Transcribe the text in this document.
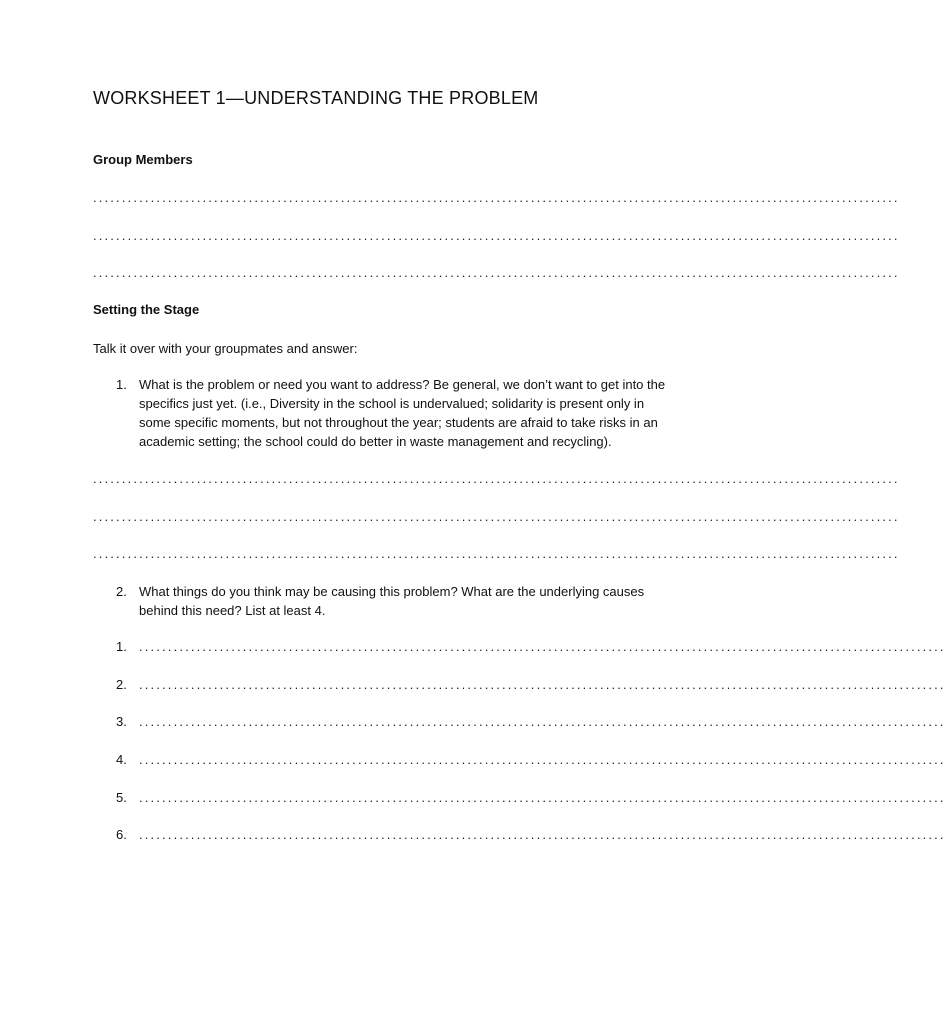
WORKSHEET 1—UNDERSTANDING THE PROBLEM
Group Members
............................................................................................................................................
............................................................................................................................................
............................................................................................................................................
Setting the Stage
Talk it over with your groupmates and answer:
1. What is the problem or need you want to address? Be general, we don’t want to get into the specifics just yet. (i.e., Diversity in the school is undervalued; solidarity is present only in some specific moments, but not throughout the year; students are afraid to take risks in an academic setting; the school could do better in waste management and recycling).
............................................................................................................................................
............................................................................................................................................
............................................................................................................................................
2. What things do you think may be causing this problem? What are the underlying causes behind this need? List at least 4.
1. ............................................................................................................................................
2. ............................................................................................................................................
3. ............................................................................................................................................
4. ............................................................................................................................................
5. ............................................................................................................................................
6. ............................................................................................................................................
